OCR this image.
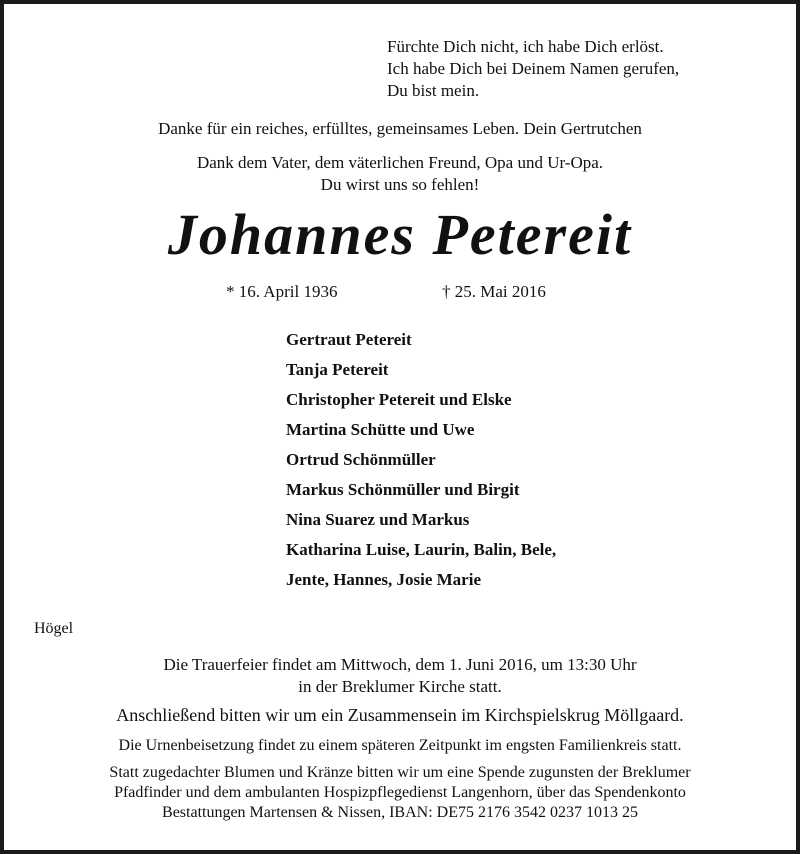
Fürchte Dich nicht, ich habe Dich erlöst.
Ich habe Dich bei Deinem Namen gerufen,
Du bist mein.
Danke für ein reiches, erfülltes, gemeinsames Leben. Dein Gertrutchen
Dank dem Vater, dem väterlichen Freund, Opa und Ur-Opa.
Du wirst uns so fehlen!
Johannes Petereit
* 16. April 1936	† 25. Mai 2016
Gertraut Petereit
Tanja Petereit
Christopher Petereit und Elske
Martina Schütte und Uwe
Ortrud Schönmüller
Markus Schönmüller und Birgit
Nina Suarez und Markus
Katharina Luise, Laurin, Balin, Bele,
Jente, Hannes, Josie Marie
Högel
Die Trauerfeier findet am Mittwoch, dem 1. Juni 2016, um 13:30 Uhr
in der Breklumer Kirche statt.
Anschließend bitten wir um ein Zusammensein im Kirchspielskrug Möllgaard.
Die Urnenbeisetzung findet zu einem späteren Zeitpunkt im engsten Familienkreis statt.
Statt zugedachter Blumen und Kränze bitten wir um eine Spende zugunsten der Breklumer
Pfadfinder und dem ambulanten Hospizpflegedienst Langenhorn, über das Spendenkonto
Bestattungen Martensen & Nissen, IBAN: DE75 2176 3542 0237 1013 25
